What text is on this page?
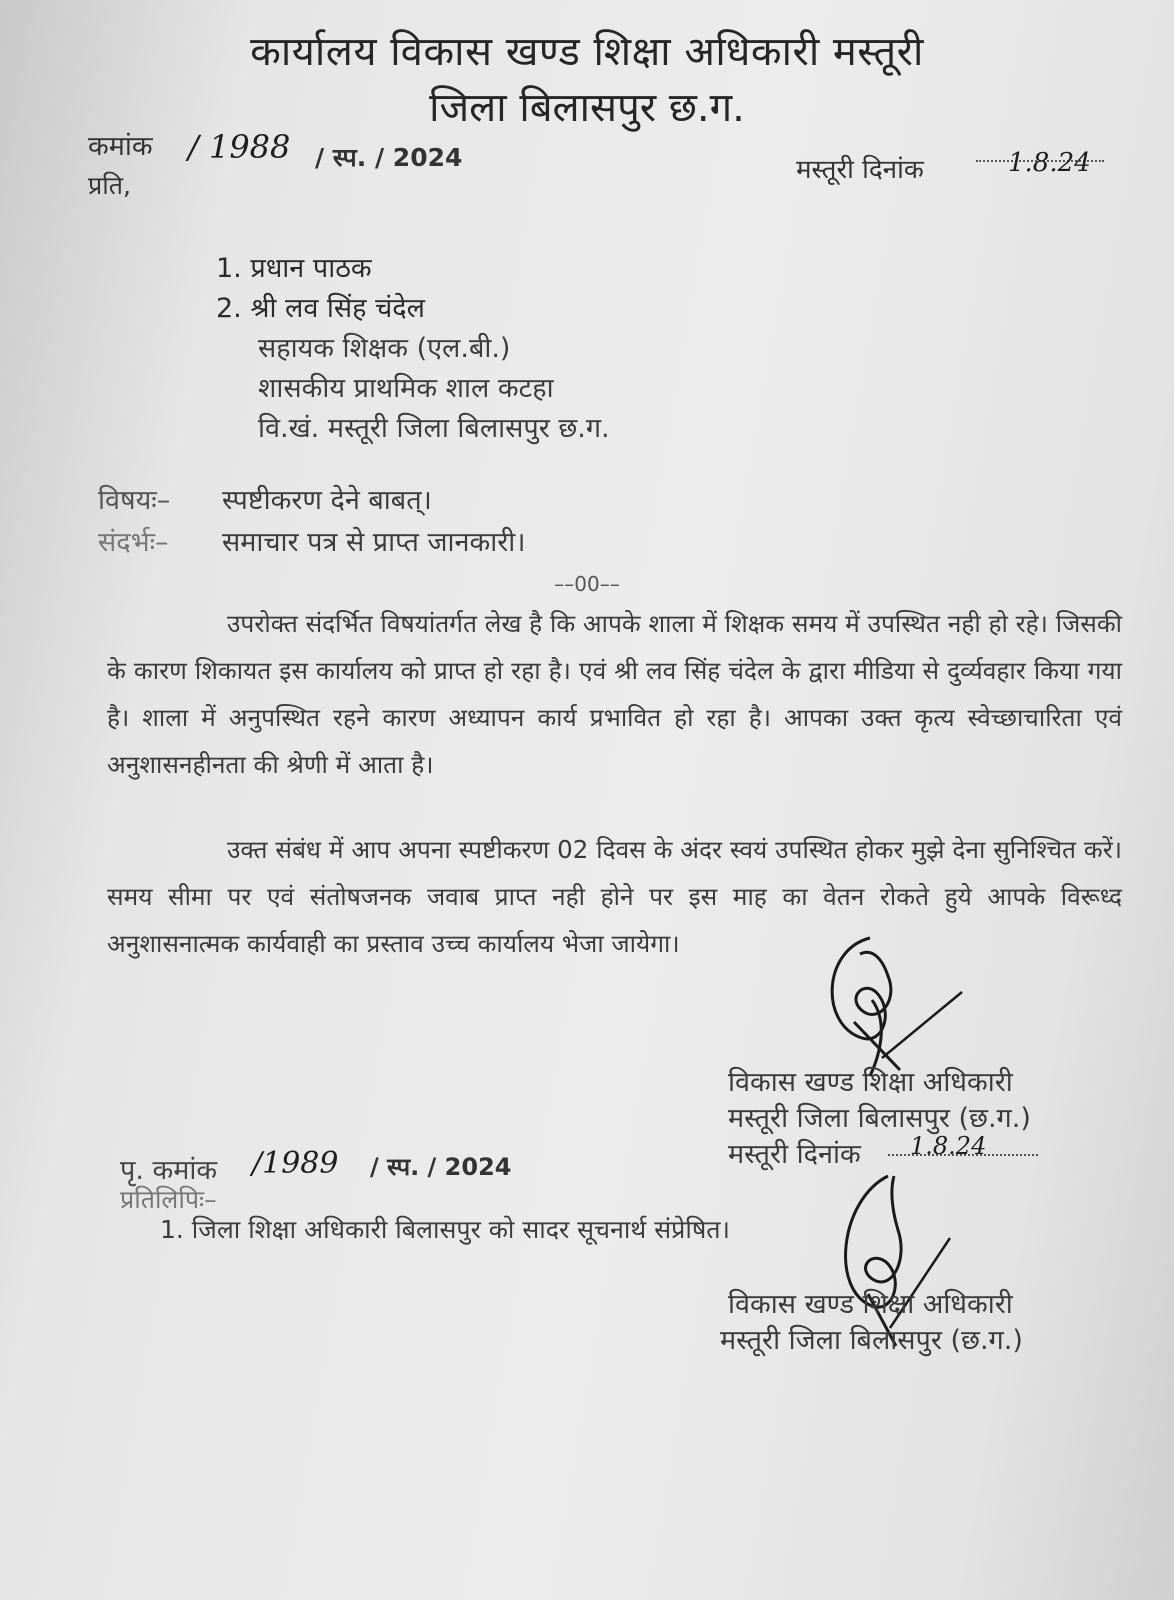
कार्यालय विकास खण्ड शिक्षा अधिकारी मस्तूरी
जिला बिलासपुर छ.ग.
कमांक / 1988 / स्प. / 2024	मस्तूरी दिनांक	1.8.24
प्रति,
1. प्रधान पाठक
2. श्री लव सिंह चंदेल
सहायक शिक्षक (एल.बी.)
शासकीय प्राथमिक शाल कटहा
वि.खं. मस्तूरी जिला बिलासपुर छ.ग.
विषयः– स्पष्टीकरण देने बाबत्।
संदर्भः– समाचार पत्र से प्राप्त जानकारी।
––00––
उपरोक्त संदर्भित विषयांतर्गत लेख है कि आपके शाला में शिक्षक समय में उपस्थित नही हो रहे। जिसकी के कारण शिकायत इस कार्यालय को प्राप्त हो रहा है। एवं श्री लव सिंह चंदेल के द्वारा मीडिया से दुर्व्यवहार किया गया है। शाला में अनुपस्थित रहने कारण अध्यापन कार्य प्रभावित हो रहा है। आपका उक्त कृत्य स्वेच्छाचारिता एवं अनुशासनहीनता की श्रेणी में आता है।
उक्त संबंध में आप अपना स्पष्टीकरण 02 दिवस के अंदर स्वयं उपस्थित होकर मुझे देना सुनिश्चित करें। समय सीमा पर एवं संतोषजनक जवाब प्राप्त नही होने पर इस माह का वेतन रोकते हुये आपके विरूध्द अनुशासनात्मक कार्यवाही का प्रस्ताव उच्च कार्यालय भेजा जायेगा।
विकास खण्ड शिक्षा अधिकारी
मस्तूरी जिला बिलासपुर (छ.ग.)
मस्तूरी दिनांक 1.8.24
पृ. कमांक /1989 / स्प. / 2024
प्रतिलिपिः–
1. जिला शिक्षा अधिकारी बिलासपुर को सादर सूचनार्थ संप्रेषित।
विकास खण्ड शिक्षा अधिकारी
मस्तूरी जिला बिलासपुर (छ.ग.)
